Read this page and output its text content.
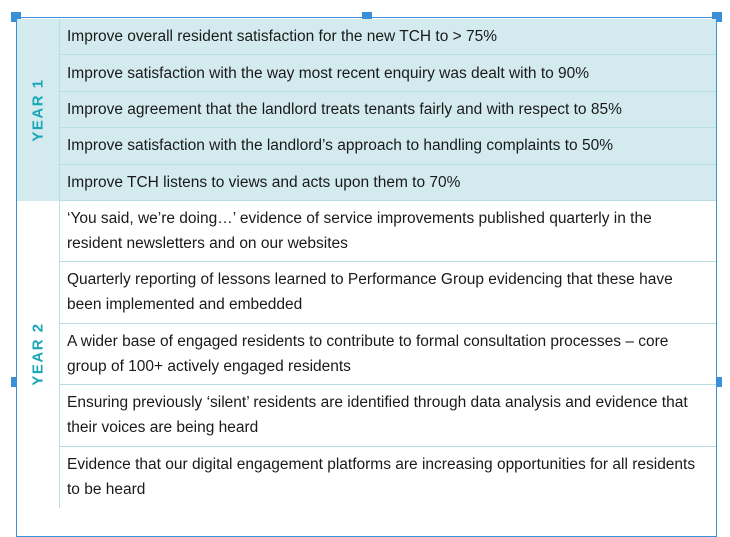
YEAR 1
Improve overall resident satisfaction for the new TCH to > 75%
Improve satisfaction with the way most recent enquiry was dealt with to 90%
Improve agreement that the landlord treats tenants fairly and with respect to 85%
Improve satisfaction with the landlord’s approach to handling complaints to 50%
Improve TCH listens to views and acts upon them to 70%
YEAR 2
‘You said, we’re doing…’ evidence of service improvements published quarterly in the resident newsletters and on our websites
Quarterly reporting of lessons learned to Performance Group evidencing that these have been implemented and embedded
A wider base of engaged residents to contribute to formal consultation processes – core group of 100+ actively engaged residents
Ensuring previously ‘silent’ residents are identified through data analysis and evidence that their voices are being heard
Evidence that our digital engagement platforms are increasing opportunities for all residents to be heard
